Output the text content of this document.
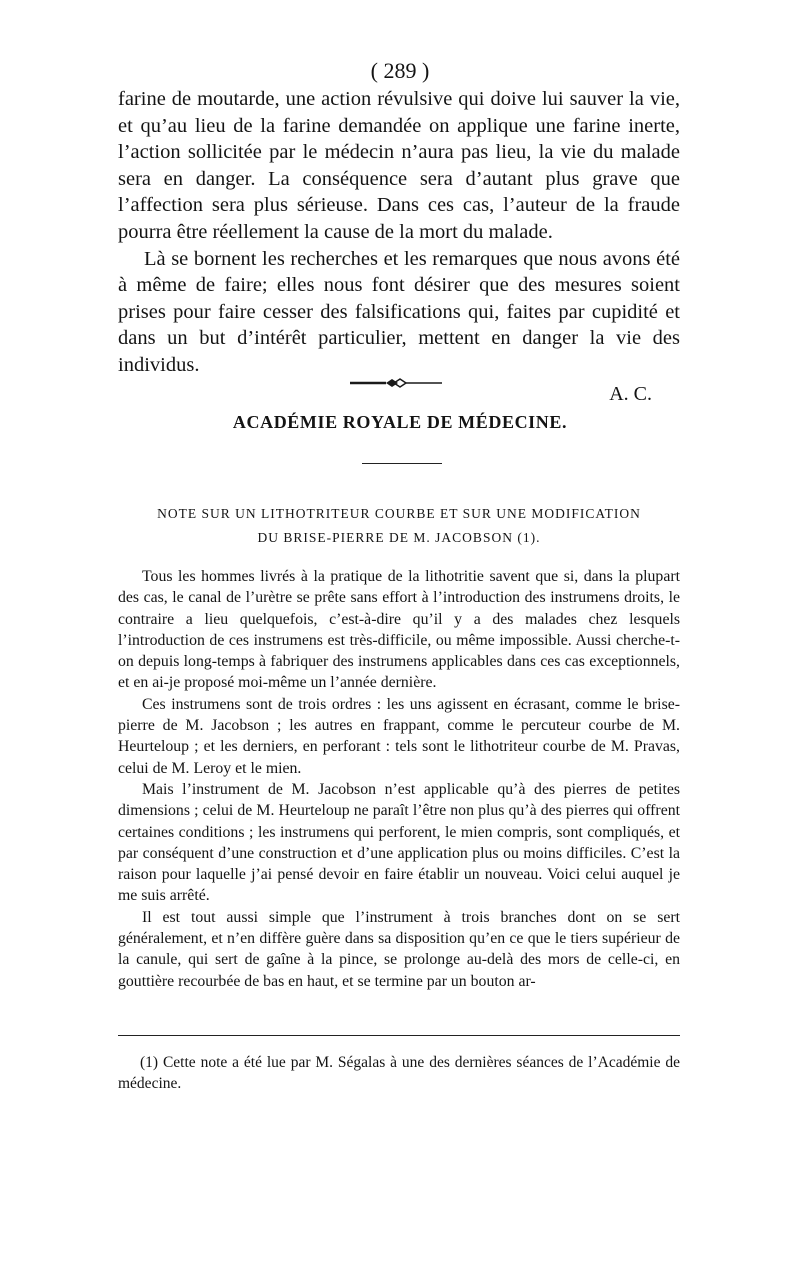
( 289 )

farine de moutarde, une action révulsive qui doive lui sauver la vie, et qu’au lieu de la farine demandée on applique une farine inerte, l’action sollicitée par le médecin n’aura pas lieu, la vie du malade sera en danger. La conséquence sera d’autant plus grave que l’affection sera plus sérieuse. Dans ces cas, l’auteur de la fraude pourra être réellement la cause de la mort du malade.

Là se bornent les recherches et les remarques que nous avons été à même de faire; elles nous font désirer que des mesures soient prises pour faire cesser des falsifications qui, faites par cupidité et dans un but d’intérêt particulier, mettent en danger la vie des individus.

A. C.
ACADÉMIE ROYALE DE MÉDECINE.
NOTE SUR UN LITHOTRITEUR COURBE ET SUR UNE MODIFICATION
DU BRISE-PIERRE DE M. JACOBSON (1).

Tous les hommes livrés à la pratique de la lithotritie savent que si, dans la plupart des cas, le canal de l’urètre se prête sans effort à l’introduction des instrumens droits, le contraire a lieu quelquefois, c’est-à-dire qu’il y a des malades chez lesquels l’introduction de ces instrumens est très-difficile, ou même impossible. Aussi cherche-t-on depuis long-temps à fabriquer des instrumens applicables dans ces cas exceptionnels, et en ai-je proposé moi-même un l’année dernière.

Ces instrumens sont de trois ordres : les uns agissent en écrasant, comme le brise-pierre de M. Jacobson ; les autres en frappant, comme le percuteur courbe de M. Heurteloup ; et les derniers, en perforant : tels sont le lithotriteur courbe de M. Pravas, celui de M. Leroy et le mien.

Mais l’instrument de M. Jacobson n’est applicable qu’à des pierres de petites dimensions ; celui de M. Heurteloup ne paraît l’être non plus qu’à des pierres qui offrent certaines conditions ; les instrumens qui perforent, le mien compris, sont compliqués, et par conséquent d’une construction et d’une application plus ou moins difficiles. C’est la raison pour laquelle j’ai pensé devoir en faire établir un nouveau. Voici celui auquel je me suis arrêté.

Il est tout aussi simple que l’instrument à trois branches dont on se sert généralement, et n’en diffère guère dans sa disposition qu’en ce que le tiers supérieur de la canule, qui sert de gaîne à la pince, se prolonge au-delà des mors de celle-ci, en gouttière recourbée de bas en haut, et se termine par un bouton ar-

(1) Cette note a été lue par M. Ségalas à une des dernières séances de l’Académie de médecine.
